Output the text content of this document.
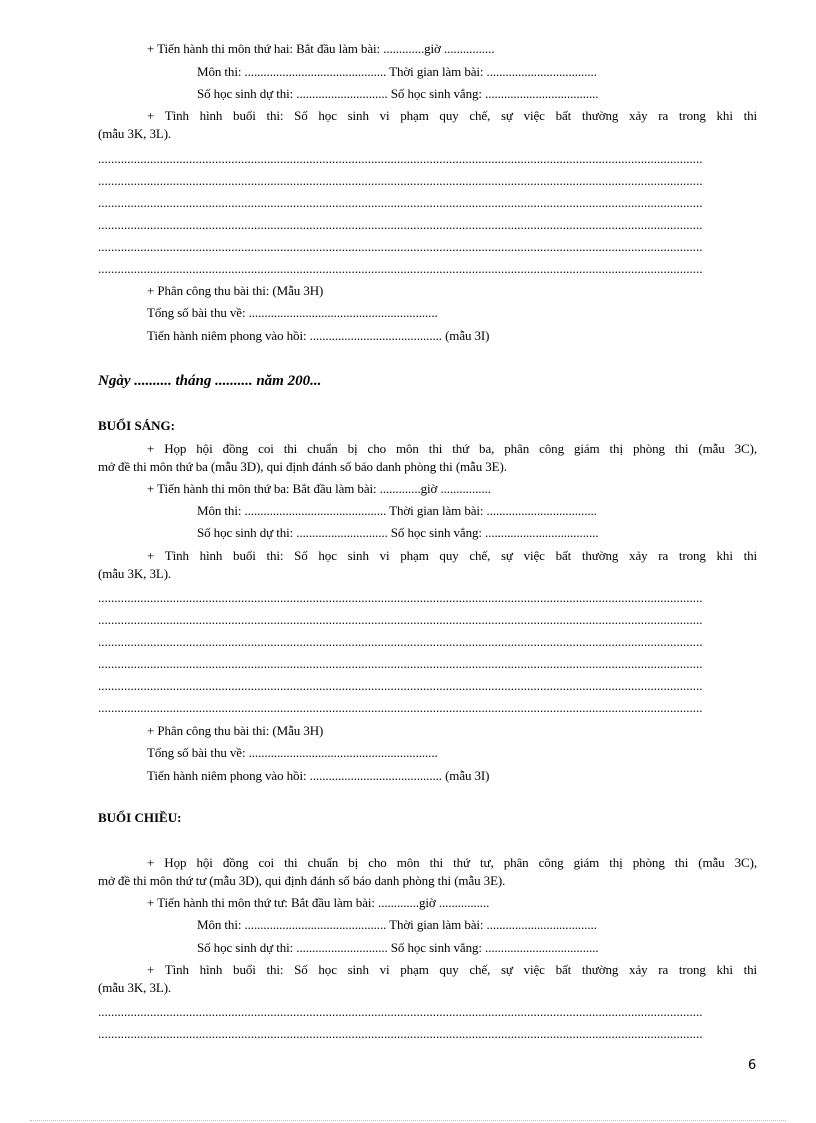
+ Tiến hành thi môn thứ hai: Bắt đầu làm bài: .............giờ ................
Môn thi: ............................................. Thời gian làm bài: ...................................
Số học sinh dự thi: ............................. Số học sinh vắng: ....................................
+ Tình hình buổi thi: Số học sinh vi phạm quy chế, sự việc bất thường xảy ra trong khi thi
(mẫu 3K, 3L).
..........................................................................................................................................................................................
..........................................................................................................................................................................................
..........................................................................................................................................................................................
..........................................................................................................................................................................................
..........................................................................................................................................................................................
..........................................................................................................................................................................................
+ Phân công thu bài thi: (Mẫu 3H)
Tổng số bài thu về: ............................................................
Tiến hành niêm phong vào hồi: .......................................... (mẫu 3I)
Ngày .......... tháng .......... năm 200...
BUỔI SÁNG:
+ Họp hội đồng coi thi chuẩn bị cho môn thi thứ ba, phân công giám thị phòng thi (mẫu 3C),
mở đề thi môn thứ ba (mẫu 3D), qui định đánh số báo danh phòng thi (mẫu 3E).
+ Tiến hành thi môn thứ ba: Bắt đầu làm bài: .............giờ ................
Môn thi: ............................................. Thời gian làm bài: ...................................
Số học sinh dự thi: ............................. Số học sinh vắng: ....................................
+ Tình hình buổi thi: Số học sinh vi phạm quy chế, sự việc bất thường xảy ra trong khi thi
(mẫu 3K, 3L).
..........................................................................................................................................................................................
..........................................................................................................................................................................................
..........................................................................................................................................................................................
..........................................................................................................................................................................................
..........................................................................................................................................................................................
..........................................................................................................................................................................................
+ Phân công thu bài thi: (Mẫu 3H)
Tổng số bài thu về: ............................................................
Tiến hành niêm phong vào hồi: .......................................... (mẫu 3I)
BUỔI CHIỀU:
+ Họp hội đồng coi thi chuẩn bị cho môn thi thứ tư, phân công giám thị phòng thi (mẫu 3C),
mở đề thi môn thứ tư (mẫu 3D), qui định đánh số báo danh phòng thi (mẫu 3E).
+ Tiến hành thi môn thứ tư: Bắt đầu làm bài: .............giờ ................
Môn thi: ............................................. Thời gian làm bài: ...................................
Số học sinh dự thi: ............................. Số học sinh vắng: ....................................
+ Tình hình buổi thi: Số học sinh vi phạm quy chế, sự việc bất thường xảy ra trong khi thi
(mẫu 3K, 3L).
..........................................................................................................................................................................................
..........................................................................................................................................................................................
6
